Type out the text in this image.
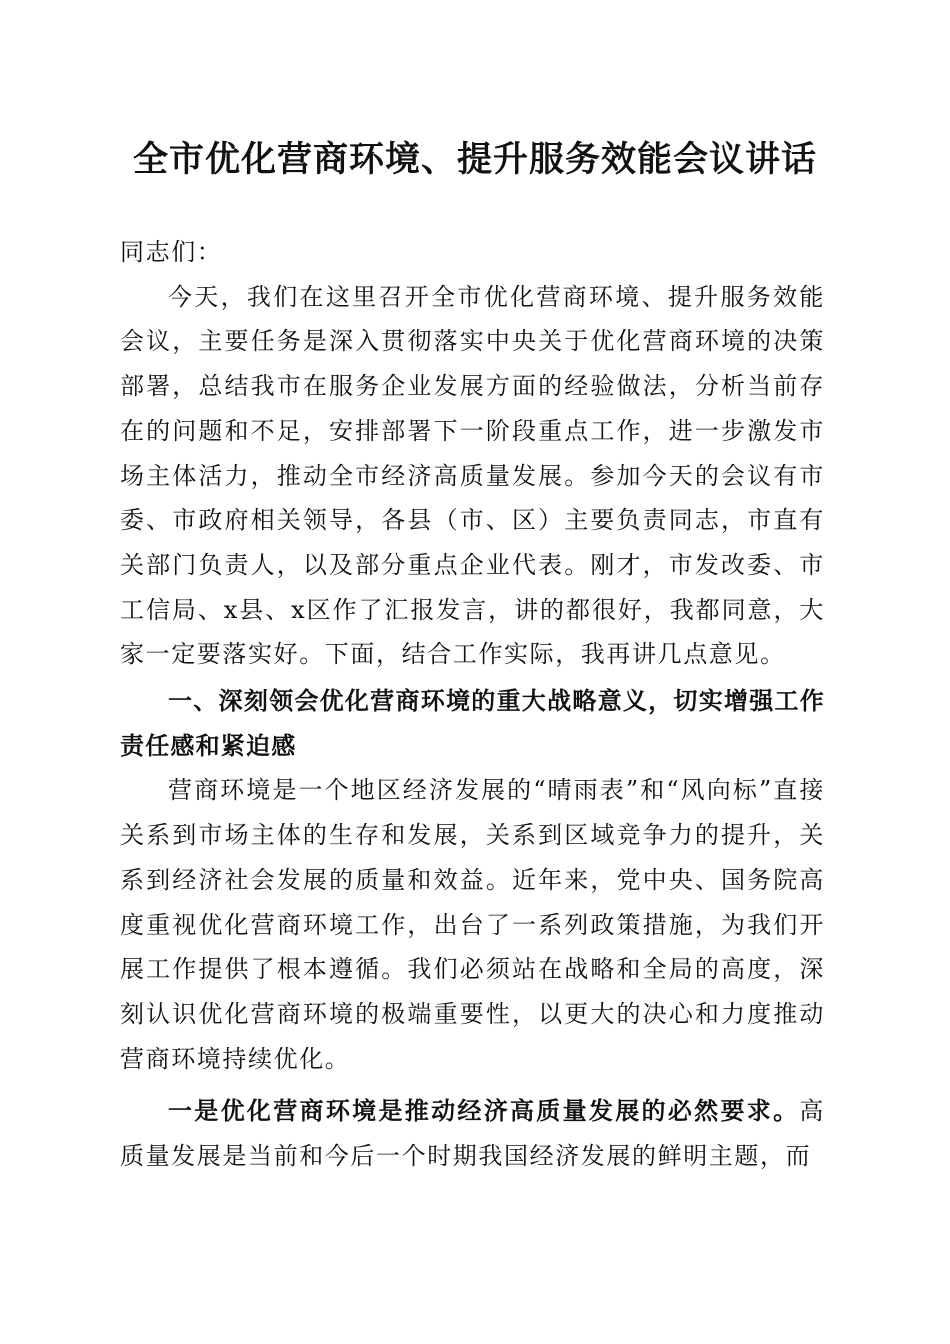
全市优化营商环境、提升服务效能会议讲话

同志们：

今天，我们在这里召开全市优化营商环境、提升服务效能会议，主要任务是深入贯彻落实中央关于优化营商环境的决策部署，总结我市在服务企业发展方面的经验做法，分析当前存在的问题和不足，安排部署下一阶段重点工作，进一步激发市场主体活力，推动全市经济高质量发展。参加今天的会议有市委、市政府相关领导，各县（市、区）主要负责同志，市直有关部门负责人，以及部分重点企业代表。刚才，市发改委、市工信局、x县、x区作了汇报发言，讲的都很好，我都同意，大家一定要落实好。下面，结合工作实际，我再讲几点意见。

一、深刻领会优化营商环境的重大战略意义，切实增强工作责任感和紧迫感

营商环境是一个地区经济发展的“晴雨表”和“风向标”直接关系到市场主体的生存和发展，关系到区域竞争力的提升，关系到经济社会发展的质量和效益。近年来，党中央、国务院高度重视优化营商环境工作，出台了一系列政策措施，为我们开展工作提供了根本遵循。我们必须站在战略和全局的高度，深刻认识优化营商环境的极端重要性，以更大的决心和力度推动营商环境持续优化。

一是优化营商环境是推动经济高质量发展的必然要求。高质量发展是当前和今后一个时期我国经济发展的鲜明主题，而
